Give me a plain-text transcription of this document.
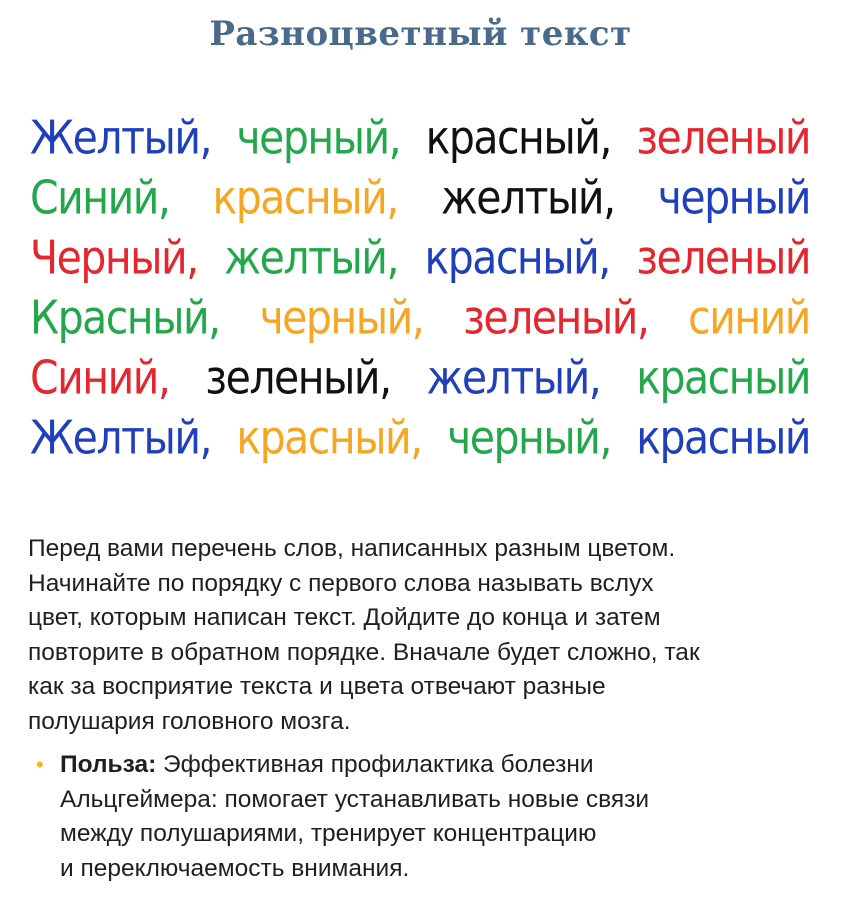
Разноцветный текст
Желтый, черный, красный, зеленый
Синий, красный, желтый, черный
Черный, желтый, красный, зеленый
Красный, черный, зеленый, синий
Синий, зеленый, желтый, красный
Желтый, красный, черный, красный
Перед вами перечень слов, написанных разным цветом.
Начинайте по порядку с первого слова называть вслух
цвет, которым написан текст. Дойдите до конца и затем
повторите в обратном порядке. Вначале будет сложно, так
как за восприятие текста и цвета отвечают разные
полушария головного мозга.
• Польза: Эффективная профилактика болезни
Альцгеймера: помогает устанавливать новые связи
между полушариями, тренирует концентрацию
и переключаемость внимания.
